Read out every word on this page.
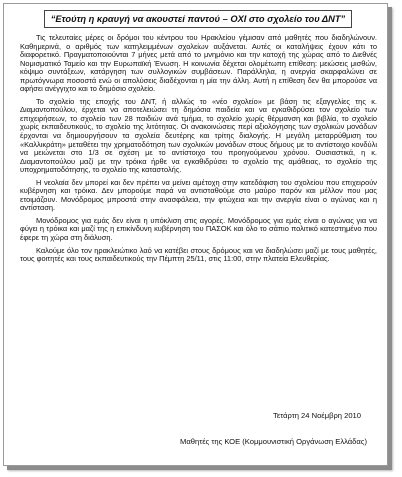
“Ετούτη η κραυγή να ακουστεί παντού – ΟΧΙ στο σχολείο του ΔΝΤ”

Τις τελευταίες μέρες οι δρόμοι του κέντρου του Ηρακλείου γέμισαν από μαθητές που διαδηλώνουν. Καθημερινά, ο αριθμός των κατηλειμμένων σχολείων αυξάνεται. Αυτές οι καταλήψεις έχουν κάτι το διαφορετικό. Πραγματοποιούνται 7 μήνες μετά από το μνημόνιο και την κατοχή της χώρας από το Διεθνές Νομισματικό Ταμείο και την Ευρωπαϊκή Ένωση. Η κοινωνία δέχεται ολομέτωπη επίθεση: μειώσεις μισθών, κόψιμο συντάξεων, κατάργηση των συλλογικών συμβάσεων. Παράλληλα, η ανεργία σκαρφαλώνει σε πρωτόγνωρα ποσοστά ενώ οι απολύσεις διαδέχονται η μία την άλλη. Αυτή η επίθεση δεν θα μπορούσε να αφήσει ανέγγιχτο και το δημόσιο σχολείο.

Το σχολείο της εποχής του ΔΝΤ, ή αλλιώς το «νέο σχολείο» με βάση τις εξαγγελίες της κ. Διαμαντοπούλου, έρχεται να αποτελειώσει τη δημόσια παιδεία και να εγκαθιδρύσει τον σχολείο των επιχειρήσεων, το σχολείο των 28 παιδιών ανά τμήμα, το σχολείο χωρίς θέρμανση και βιβλία, το σχολείο χωρίς εκπαιδευτικούς, το σχολείο της λιτότητας. Οι ανακοινώσεις περί αξιολόγησης των σχολικών μονάδων έρχονται να δημιουργήσουν τα σχολεία δευτέρης και τρίτης διαλογής. Η μεγάλη μεταρρύθμιση του «Καλλικράτη» μεταθέτει την χρηματοδότηση των σχολικών μονάδων στους δήμους με το αντίστοιχο κονδύλι να μειώνεται στο 1/3 σε σχέση με το αντίστοιχο του προηγούμενου χρόνου. Ουσιαστικά, η κ. Διαμαντοπούλου μαζί με την τρόικα ήρθε να εγκαθιδρύσει το σχολείο της αμάθειας, το σχολείο της υποχρηματοδότησης, το σχολείο της καταστολής.

Η νεολαία δεν μπορεί και δεν πρέπει να μείνει αμέτοχη στην κατεδάφιση του σχολείου που επιχειρούν κυβέρνηση και τρόικα. Δεν μπορούμε παρά να αντισταθούμε στο μαύρο παρόν και μέλλον που μας ετοιμάζουν. Μονόδρομος μπροστά στην ανασφάλεια, την φτώχεια και την ανεργία είναι ο αγώνας και η αντίσταση.

Μονόδρομος για εμάς δεν είναι η υπόκλιση στις αγορές. Μονόδρομος για εμάς είναι ο αγώνας για να φύγει η τρόικα και μαζί της η επικίνδυνη κυβέρνηση του ΠΑΣΟΚ και όλο το σάπιο πολιτικό κατεστημένο που έφερε τη χώρα στη διάλυση.

Καλούμε όλο τον ηρακλειώτικο λαό να κατέβει στους δρόμους και να διαδηλώσει μαζί με τους μαθητές, τους φοιτητές και τους εκπαιδευτικούς την Πέμπτη 25/11, στις 11:00, στην πλατεία Ελευθερίας.

Τετάρτη 24 Νοέμβρη 2010
Μαθητές της ΚΟΕ (Κομμουνιστική Οργάνωση Ελλάδας)
